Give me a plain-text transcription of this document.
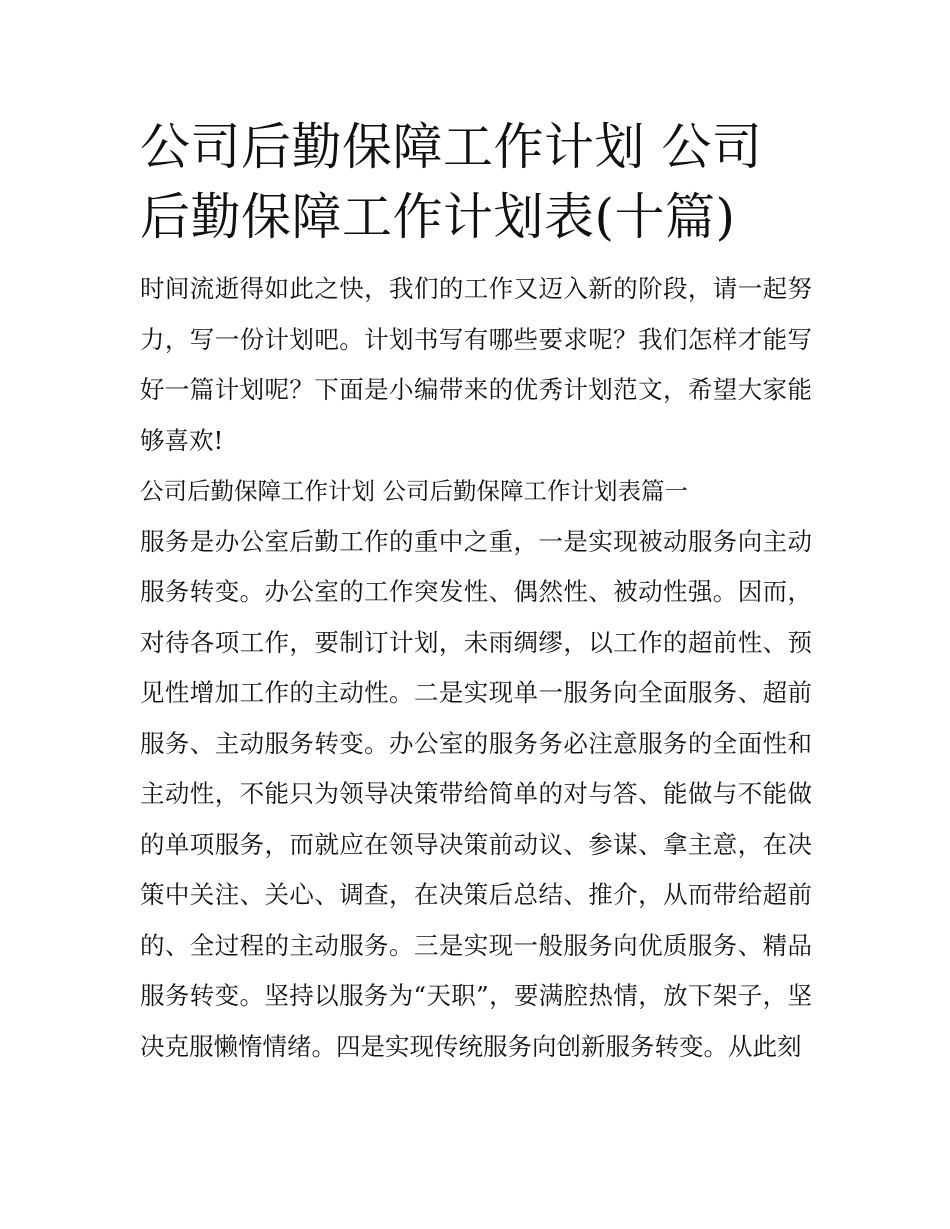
公司后勤保障工作计划 公司后勤保障工作计划表(十篇)

时间流逝得如此之快，我们的工作又迈入新的阶段，请一起努力，写一份计划吧。计划书写有哪些要求呢？我们怎样才能写好一篇计划呢？下面是小编带来的优秀计划范文，希望大家能够喜欢!

公司后勤保障工作计划 公司后勤保障工作计划表篇一

服务是办公室后勤工作的重中之重，一是实现被动服务向主动服务转变。办公室的工作突发性、偶然性、被动性强。因而，对待各项工作，要制订计划，未雨绸缪，以工作的超前性、预见性增加工作的主动性。二是实现单一服务向全面服务、超前服务、主动服务转变。办公室的服务务必注意服务的全面性和主动性，不能只为领导决策带给简单的对与答、能做与不能做的单项服务，而就应在领导决策前动议、参谋、拿主意，在决策中关注、关心、调查，在决策后总结、推介，从而带给超前的、全过程的主动服务。三是实现一般服务向优质服务、精品服务转变。坚持以服务为“天职”，要满腔热情，放下架子，坚决克服懒惰情绪。四是实现传统服务向创新服务转变。从此刻
